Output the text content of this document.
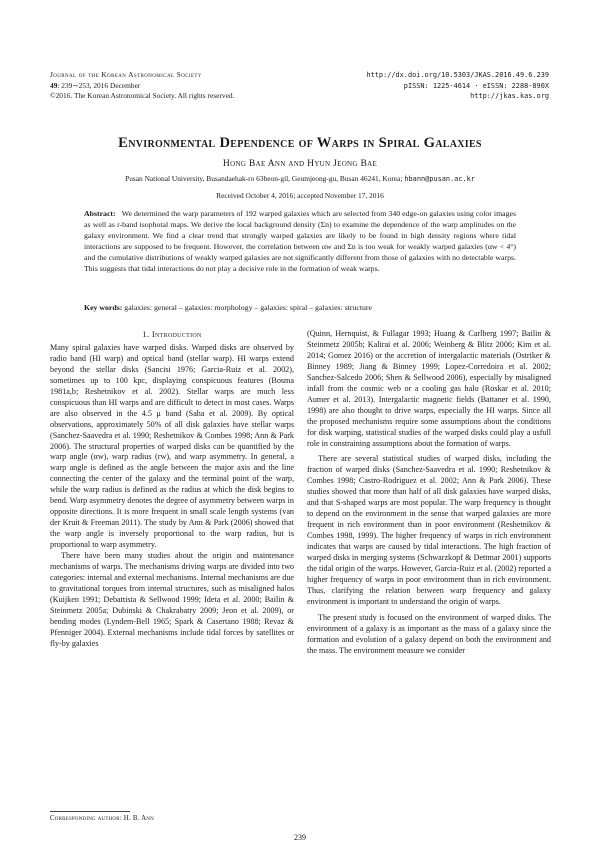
Journal of the Korean Astronomical Society
49: 239∼253, 2016 December
©2016. The Korean Astronomical Society. All rights reserved.
http://dx.doi.org/10.5303/JKAS.2016.49.6.239
pISSN: 1225-4614 · eISSN: 2288-890X
http://jkas.kas.org
Environmental Dependence of Warps in Spiral Galaxies
Hong Bae Ann and Hyun Jeong Bae
Pusan National University, Busandaehak-ro 63beon-gil, Geumjeong-gu, Busan 46241, Korea; hbann@pusan.ac.kr
Received October 4, 2016; accepted November 17, 2016
Abstract: We determined the warp parameters of 192 warped galaxies which are selected from 340 edge-on galaxies using color images as well as r-band isophotal maps. We derive the local background density (Σn) to examine the dependence of the warp amplitudes on the galaxy environment. We find a clear trend that strongly warped galaxies are likely to be found in high density regions where tidal interactions are supposed to be frequent. However, the correlation between αw and Σn is too weak for weakly warped galaxies (αw < 4°) and the cumulative distributions of weakly warped galaxies are not significantly different from those of galaxies with no detectable warps. This suggests that tidal interactions do not play a decisive role in the formation of weak warps.
Key words: galaxies: general – galaxies: morphology – galaxies: spiral – galaxies: structure
1. Introduction

Many spiral galaxies have warped disks. Warped disks are observed by radio band (HI warp) and optical band (stellar warp). HI warps extend beyond the stellar disks (Sancisi 1976; Garcia-Ruiz et al. 2002), sometimes up to 100 kpc, displaying conspicuous features (Bosma 1981a,b; Reshetnikov et al. 2002). Stellar warps are much less conspicuous than HI warps and are difficult to detect in most cases. Warps are also observed in the 4.5 μ band (Saha et al. 2009). By optical observations, approximately 50% of all disk galaxies have stellar warps (Sanchez-Saavedra et al. 1990; Reshetnikov & Combes 1998; Ann & Park 2006). The structural properties of warped disks can be quantified by the warp angle (αw), warp radius (rw), and warp asymmetry. In general, a warp angle is defined as the angle between the major axis and the line connecting the center of the galaxy and the terminal point of the warp, while the warp radius is defined as the radius at which the disk begins to bend. Warp asymmetry denotes the degree of asymmetry between warps in opposite directions. It is more frequent in small scale length systems (van der Kruit & Freeman 2011). The study by Ann & Park (2006) showed that the warp angle is inversely proportional to the warp radius, but is proportional to warp asymmetry.

There have been many studies about the origin and maintenance mechanisms of warps. The mechanisms driving warps are divided into two categories: internal and external mechanisms. Internal mechanisms are due to gravitational torques from internal structures, such as misaligned halos (Kuijken 1991; Debattista & Sellwood 1999; Ideta et al. 2000; Bailin & Steinmetz 2005a; Dubinski & Chakrabatry 2009; Jeon et al. 2009), or bending modes (Lyndem-Bell 1965; Spark & Casertano 1988; Revaz & Pfenniger 2004). External mechanisms include tidal forces by satellites or fly-by galaxies

(Quinn, Hernquist, & Fullagar 1993; Huang & Carlberg 1997; Bailin & Steinmetz 2005b; Kalirai et al. 2006; Weinberg & Blitz 2006; Kim et al. 2014; Gomez 2016) or the accretion of intergalactic materials (Ostriker & Binney 1989; Jiang & Binney 1999; Lopez-Corredoira et al. 2002; Sanchez-Salcedo 2006; Shen & Sellwood 2006), especially by misaligned infall from the cosmic web or a cooling gas halo (Roskar et al. 2010; Aumer et al. 2013). Intergalactic magnetic fields (Battaner et al. 1990, 1998) are also thought to drive warps, especially the HI warps. Since all the proposed mechanisms require some assumptions about the conditions for disk warping, statistical studies of the warped disks could play a usfull role in constraining assumptions about the formation of warps.

There are several statistical studies of warped disks, including the fraction of warped disks (Sanchez-Saavedra et al. 1990; Reshetnikov & Combes 1998; Castro-Rodriguez et al. 2002; Ann & Park 2006). These studies showed that more than half of all disk galaxies have warped disks, and that S-shaped warps are most popular. The warp frequency is thought to depend on the environment in the sense that warped galaxies are more frequent in rich environment than in poor environment (Reshetnikov & Combes 1998, 1999). The higher frequency of warps in rich environment indicates that warps are caused by tidal interactions. The high fraction of warped disks in merging systems (Schwarzkopf & Dettmar 2001) supports the tidal origin of the warps. However, Garcia-Ruiz et al. (2002) reported a higher frequency of warps in poor environment than in rich environment. Thus, clarifying the relation between warp frequency and galaxy environment is important to understand the origin of warps.

The present study is focused on the environment of warped disks. The environment of a galaxy is as important as the mass of a galaxy since the formation and evolution of a galaxy depend on both the environment and the mass. The environment measure we consider

Corresponding author: H. B. Ann
239
